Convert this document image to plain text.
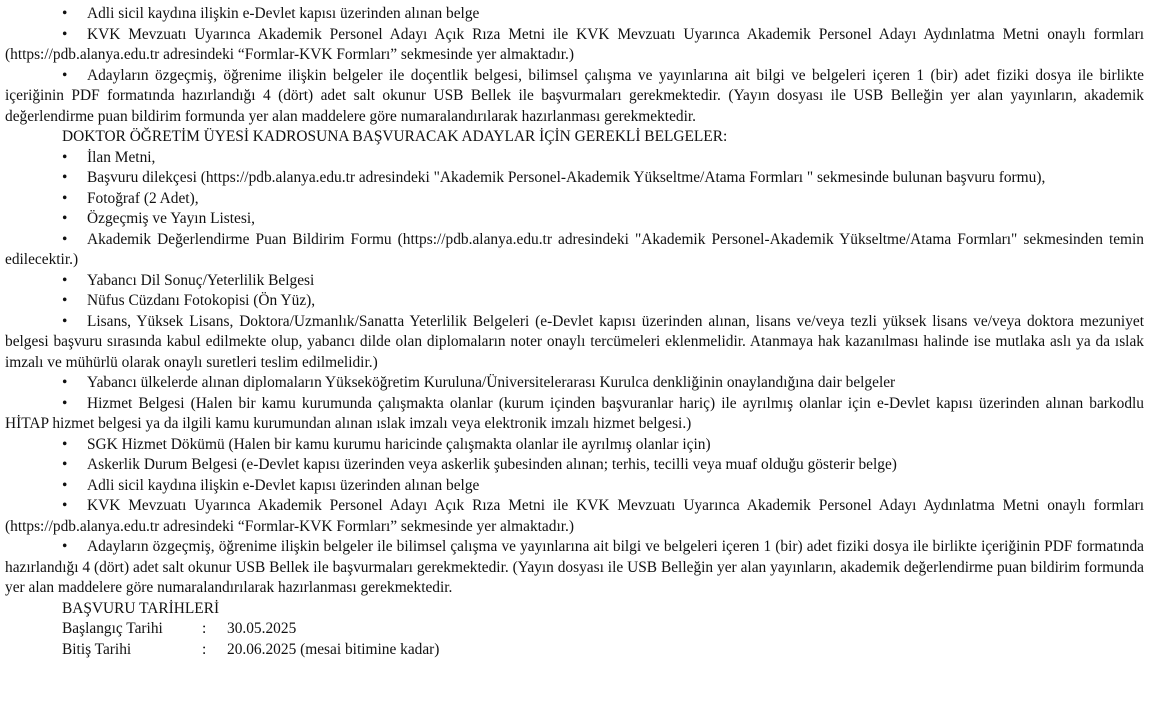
• Adli sicil kaydına ilişkin e-Devlet kapısı üzerinden alınan belge

• KVK Mevzuatı Uyarınca Akademik Personel Adayı Açık Rıza Metni ile KVK Mevzuatı Uyarınca Akademik Personel Adayı Aydınlatma Metni onaylı formları (https://pdb.alanya.edu.tr adresindeki “Formlar-KVK Formları” sekmesinde yer almaktadır.)

• Adayların özgeçmiş, öğrenime ilişkin belgeler ile doçentlik belgesi, bilimsel çalışma ve yayınlarına ait bilgi ve belgeleri içeren 1 (bir) adet fiziki dosya ile birlikte içeriğinin PDF formatında hazırlandığı 4 (dört) adet salt okunur USB Bellek ile başvurmaları gerekmektedir. (Yayın dosyası ile USB Belleğin yer alan yayınların, akademik değerlendirme puan bildirim formunda yer alan maddelere göre numaralandırılarak hazırlanması gerekmektedir.

DOKTOR ÖĞRETİM ÜYESİ KADROSUNA BAŞVURACAK ADAYLAR İÇİN GEREKLİ BELGELER:

• İlan Metni,

• Başvuru dilekçesi (https://pdb.alanya.edu.tr adresindeki "Akademik Personel-Akademik Yükseltme/Atama Formları " sekmesinde bulunan başvuru formu),

• Fotoğraf (2 Adet),

• Özgeçmiş ve Yayın Listesi,

• Akademik Değerlendirme Puan Bildirim Formu (https://pdb.alanya.edu.tr adresindeki "Akademik Personel-Akademik Yükseltme/Atama Formları" sekmesinden temin edilecektir.)

• Yabancı Dil Sonuç/Yeterlilik Belgesi

• Nüfus Cüzdanı Fotokopisi (Ön Yüz),

• Lisans, Yüksek Lisans, Doktora/Uzmanlık/Sanatta Yeterlilik Belgeleri (e-Devlet kapısı üzerinden alınan, lisans ve/veya tezli yüksek lisans ve/veya doktora mezuniyet belgesi başvuru sırasında kabul edilmekte olup, yabancı dilde olan diplomaların noter onaylı tercümeleri eklenmelidir. Atanmaya hak kazanılması halinde ise mutlaka aslı ya da ıslak imzalı ve mühürlü olarak onaylı suretleri teslim edilmelidir.)

• Yabancı ülkelerde alınan diplomaların Yükseköğretim Kuruluna/Üniversitelerarası Kurulca denkliğinin onaylandığına dair belgeler

• Hizmet Belgesi (Halen bir kamu kurumunda çalışmakta olanlar (kurum içinden başvuranlar hariç) ile ayrılmış olanlar için e-Devlet kapısı üzerinden alınan barkodlu HİTAP hizmet belgesi ya da ilgili kamu kurumundan alınan ıslak imzalı veya elektronik imzalı hizmet belgesi.)

• SGK Hizmet Dökümü (Halen bir kamu kurumu haricinde çalışmakta olanlar ile ayrılmış olanlar için)

• Askerlik Durum Belgesi (e-Devlet kapısı üzerinden veya askerlik şubesinden alınan; terhis, tecilli veya muaf olduğu gösterir belge)

• Adli sicil kaydına ilişkin e-Devlet kapısı üzerinden alınan belge

• KVK Mevzuatı Uyarınca Akademik Personel Adayı Açık Rıza Metni ile KVK Mevzuatı Uyarınca Akademik Personel Adayı Aydınlatma Metni onaylı formları (https://pdb.alanya.edu.tr adresindeki “Formlar-KVK Formları” sekmesinde yer almaktadır.)

• Adayların özgeçmiş, öğrenime ilişkin belgeler ile bilimsel çalışma ve yayınlarına ait bilgi ve belgeleri içeren 1 (bir) adet fiziki dosya ile birlikte içeriğinin PDF formatında hazırlandığı 4 (dört) adet salt okunur USB Bellek ile başvurmaları gerekmektedir. (Yayın dosyası ile USB Belleğin yer alan yayınların, akademik değerlendirme puan bildirim formunda yer alan maddelere göre numaralandırılarak hazırlanması gerekmektedir.

BAŞVURU TARİHLERİ

Başlangıç Tarihi	: 30.05.2025

Bitiş Tarihi	: 20.06.2025 (mesai bitimine kadar)
